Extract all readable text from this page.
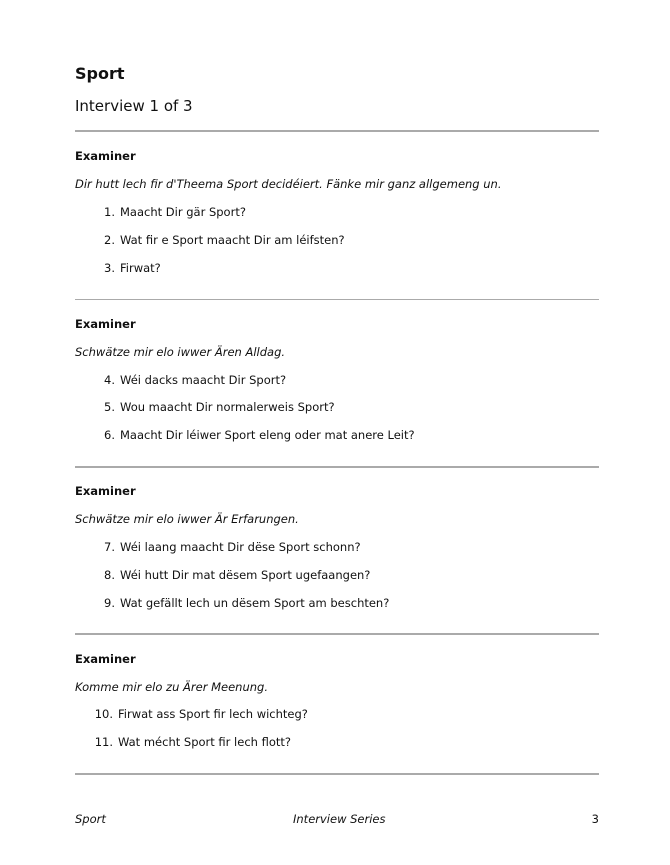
Sport
Interview 1 of 3
Examiner
Dir hutt lech fir d'Theema Sport decidéiert. Fänke mir ganz allgemeng un.
1. Maacht Dir gär Sport?
2. Wat fir e Sport maacht Dir am léifsten?
3. Firwat?
Examiner
Schwätze mir elo iwwer Ären Alldag.
4. Wéi dacks maacht Dir Sport?
5. Wou maacht Dir normalerweis Sport?
6. Maacht Dir léiwer Sport eleng oder mat anere Leit?
Examiner
Schwätze mir elo iwwer Är Erfarungen.
7. Wéi laang maacht Dir dëse Sport schonn?
8. Wéi hutt Dir mat dësem Sport ugefaangen?
9. Wat gefällt lech un dësem Sport am beschten?
Examiner
Komme mir elo zu Ärer Meenung.
10. Firwat ass Sport fir lech wichteg?
11. Wat mécht Sport fir lech flott?
Sport	Interview Series	3
